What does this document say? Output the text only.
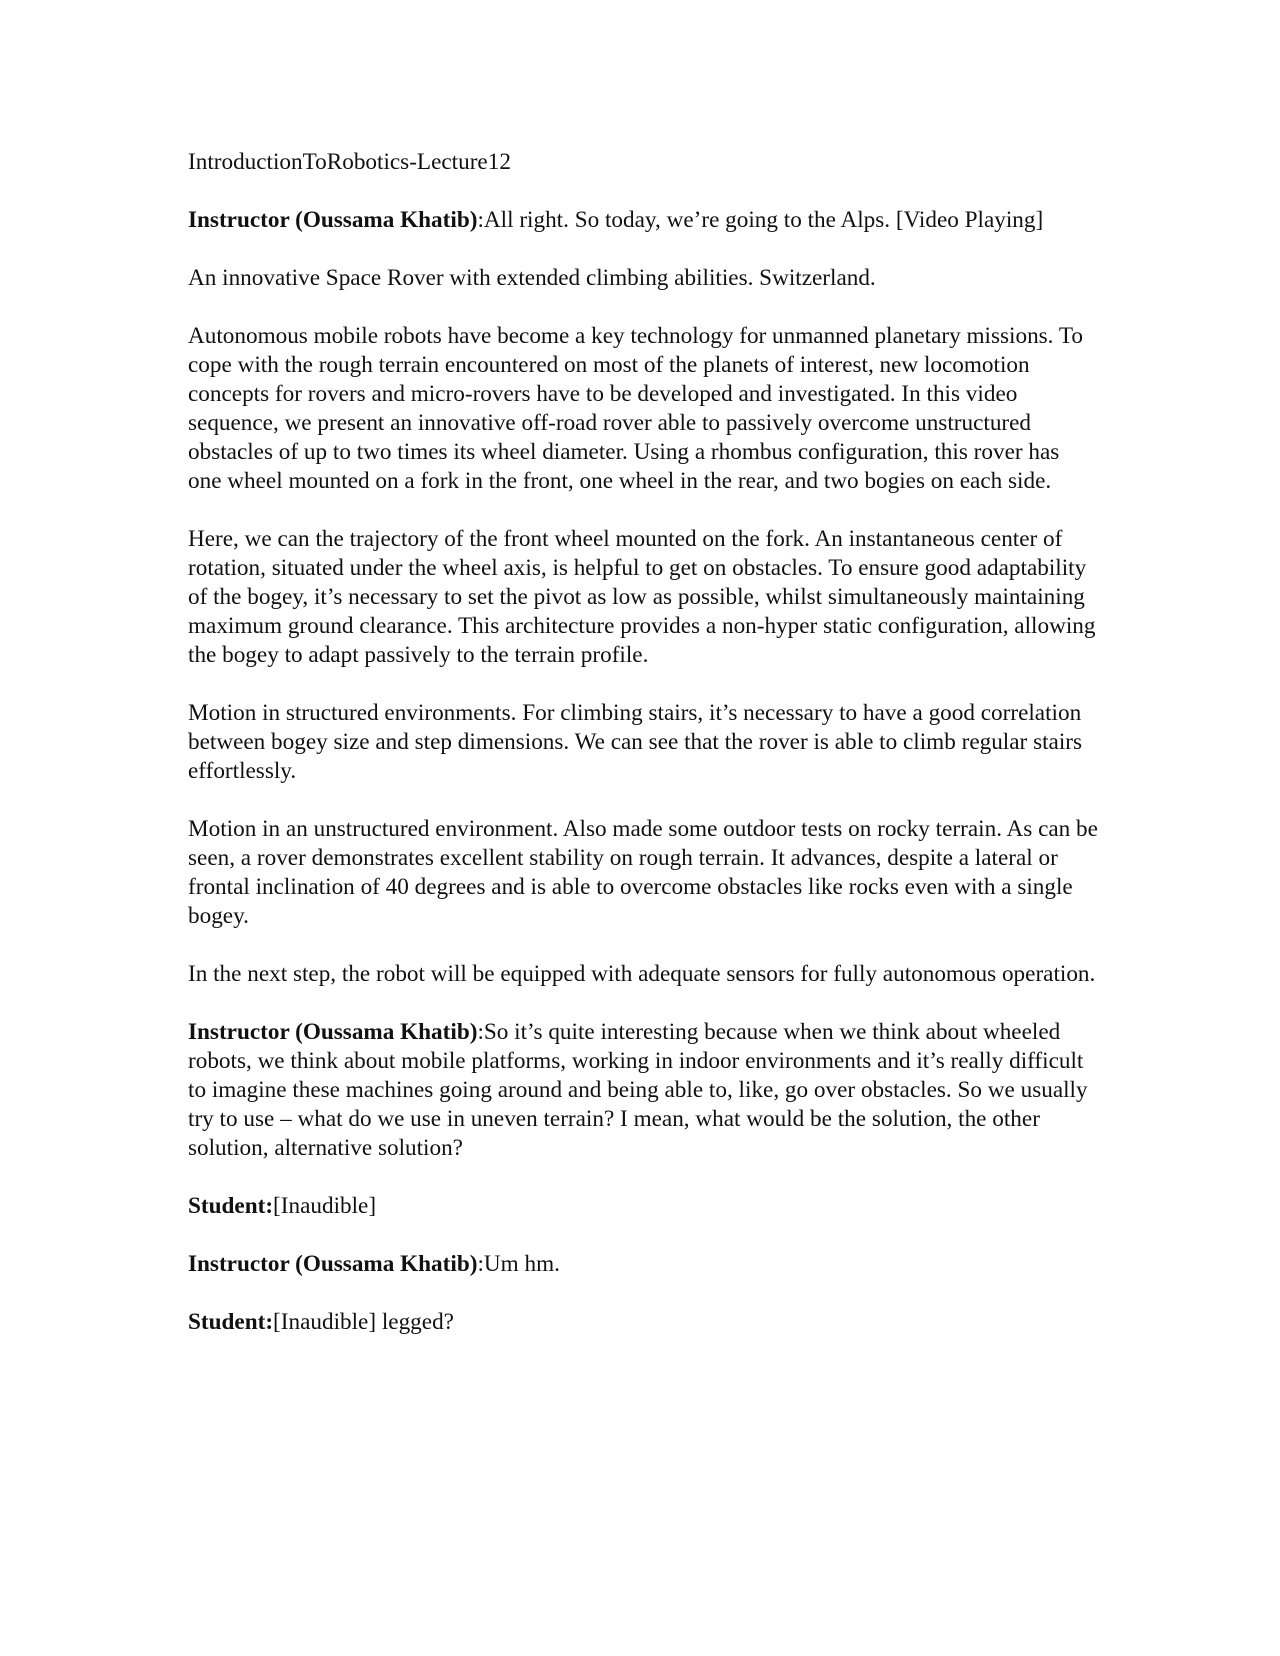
IntroductionToRobotics-Lecture12

Instructor (Oussama Khatib):All right. So today, we’re going to the Alps. [Video Playing]

An innovative Space Rover with extended climbing abilities. Switzerland.

Autonomous mobile robots have become a key technology for unmanned planetary missions. To cope with the rough terrain encountered on most of the planets of interest, new locomotion concepts for rovers and micro-rovers have to be developed and investigated. In this video sequence, we present an innovative off-road rover able to passively overcome unstructured obstacles of up to two times its wheel diameter. Using a rhombus configuration, this rover has one wheel mounted on a fork in the front, one wheel in the rear, and two bogies on each side.

Here, we can the trajectory of the front wheel mounted on the fork. An instantaneous center of rotation, situated under the wheel axis, is helpful to get on obstacles. To ensure good adaptability of the bogey, it’s necessary to set the pivot as low as possible, whilst simultaneously maintaining maximum ground clearance. This architecture provides a non-hyper static configuration, allowing the bogey to adapt passively to the terrain profile.

Motion in structured environments. For climbing stairs, it’s necessary to have a good correlation between bogey size and step dimensions. We can see that the rover is able to climb regular stairs effortlessly.

Motion in an unstructured environment. Also made some outdoor tests on rocky terrain. As can be seen, a rover demonstrates excellent stability on rough terrain. It advances, despite a lateral or frontal inclination of 40 degrees and is able to overcome obstacles like rocks even with a single bogey.

In the next step, the robot will be equipped with adequate sensors for fully autonomous operation.

Instructor (Oussama Khatib):So it’s quite interesting because when we think about wheeled robots, we think about mobile platforms, working in indoor environments and it’s really difficult to imagine these machines going around and being able to, like, go over obstacles. So we usually try to use – what do we use in uneven terrain? I mean, what would be the solution, the other solution, alternative solution?

Student:[Inaudible]

Instructor (Oussama Khatib):Um hm.

Student:[Inaudible] legged?
